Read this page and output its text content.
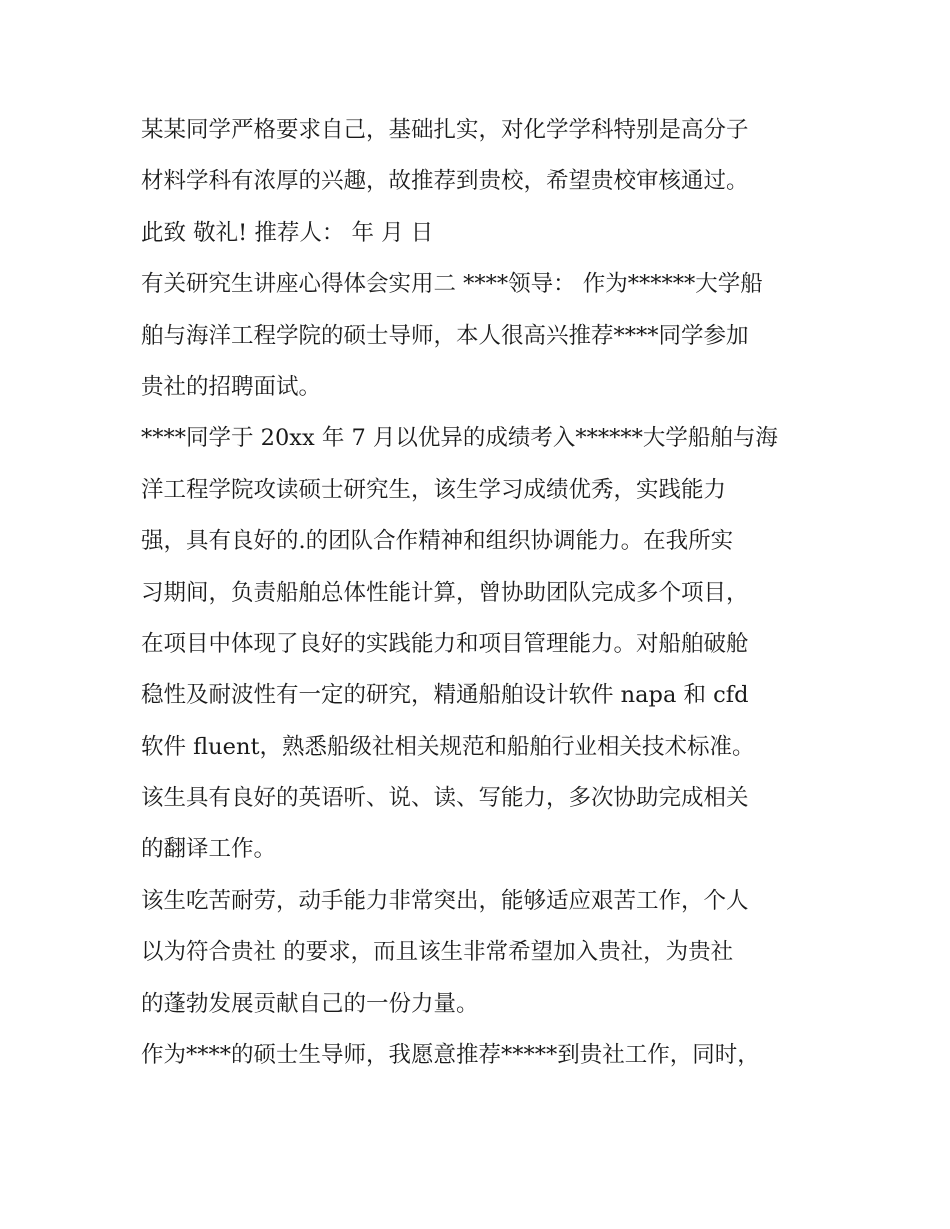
某某同学严格要求自己，基础扎实，对化学学科特别是高分子
材料学科有浓厚的兴趣，故推荐到贵校，希望贵校审核通过。
此致 敬礼! 推荐人： 年 月 日
有关研究生讲座心得体会实用二 ****领导： 作为******大学船
舶与海洋工程学院的硕士导师，本人很高兴推荐****同学参加
贵社的招聘面试。
****同学于 20xx 年 7 月以优异的成绩考入******大学船舶与海
洋工程学院攻读硕士研究生，该生学习成绩优秀，实践能力
强，具有良好的.的团队合作精神和组织协调能力。在我所实
习期间，负责船舶总体性能计算，曾协助团队完成多个项目，
在项目中体现了良好的实践能力和项目管理能力。对船舶破舱
稳性及耐波性有一定的研究，精通船舶设计软件 napa 和 cfd
软件 fluent，熟悉船级社相关规范和船舶行业相关技术标准。
该生具有良好的英语听、说、读、写能力，多次协助完成相关
的翻译工作。
该生吃苦耐劳，动手能力非常突出，能够适应艰苦工作，个人
以为符合贵社 的要求，而且该生非常希望加入贵社，为贵社
的蓬勃发展贡献自己的一份力量。
作为****的硕士生导师，我愿意推荐*****到贵社工作，同时，
